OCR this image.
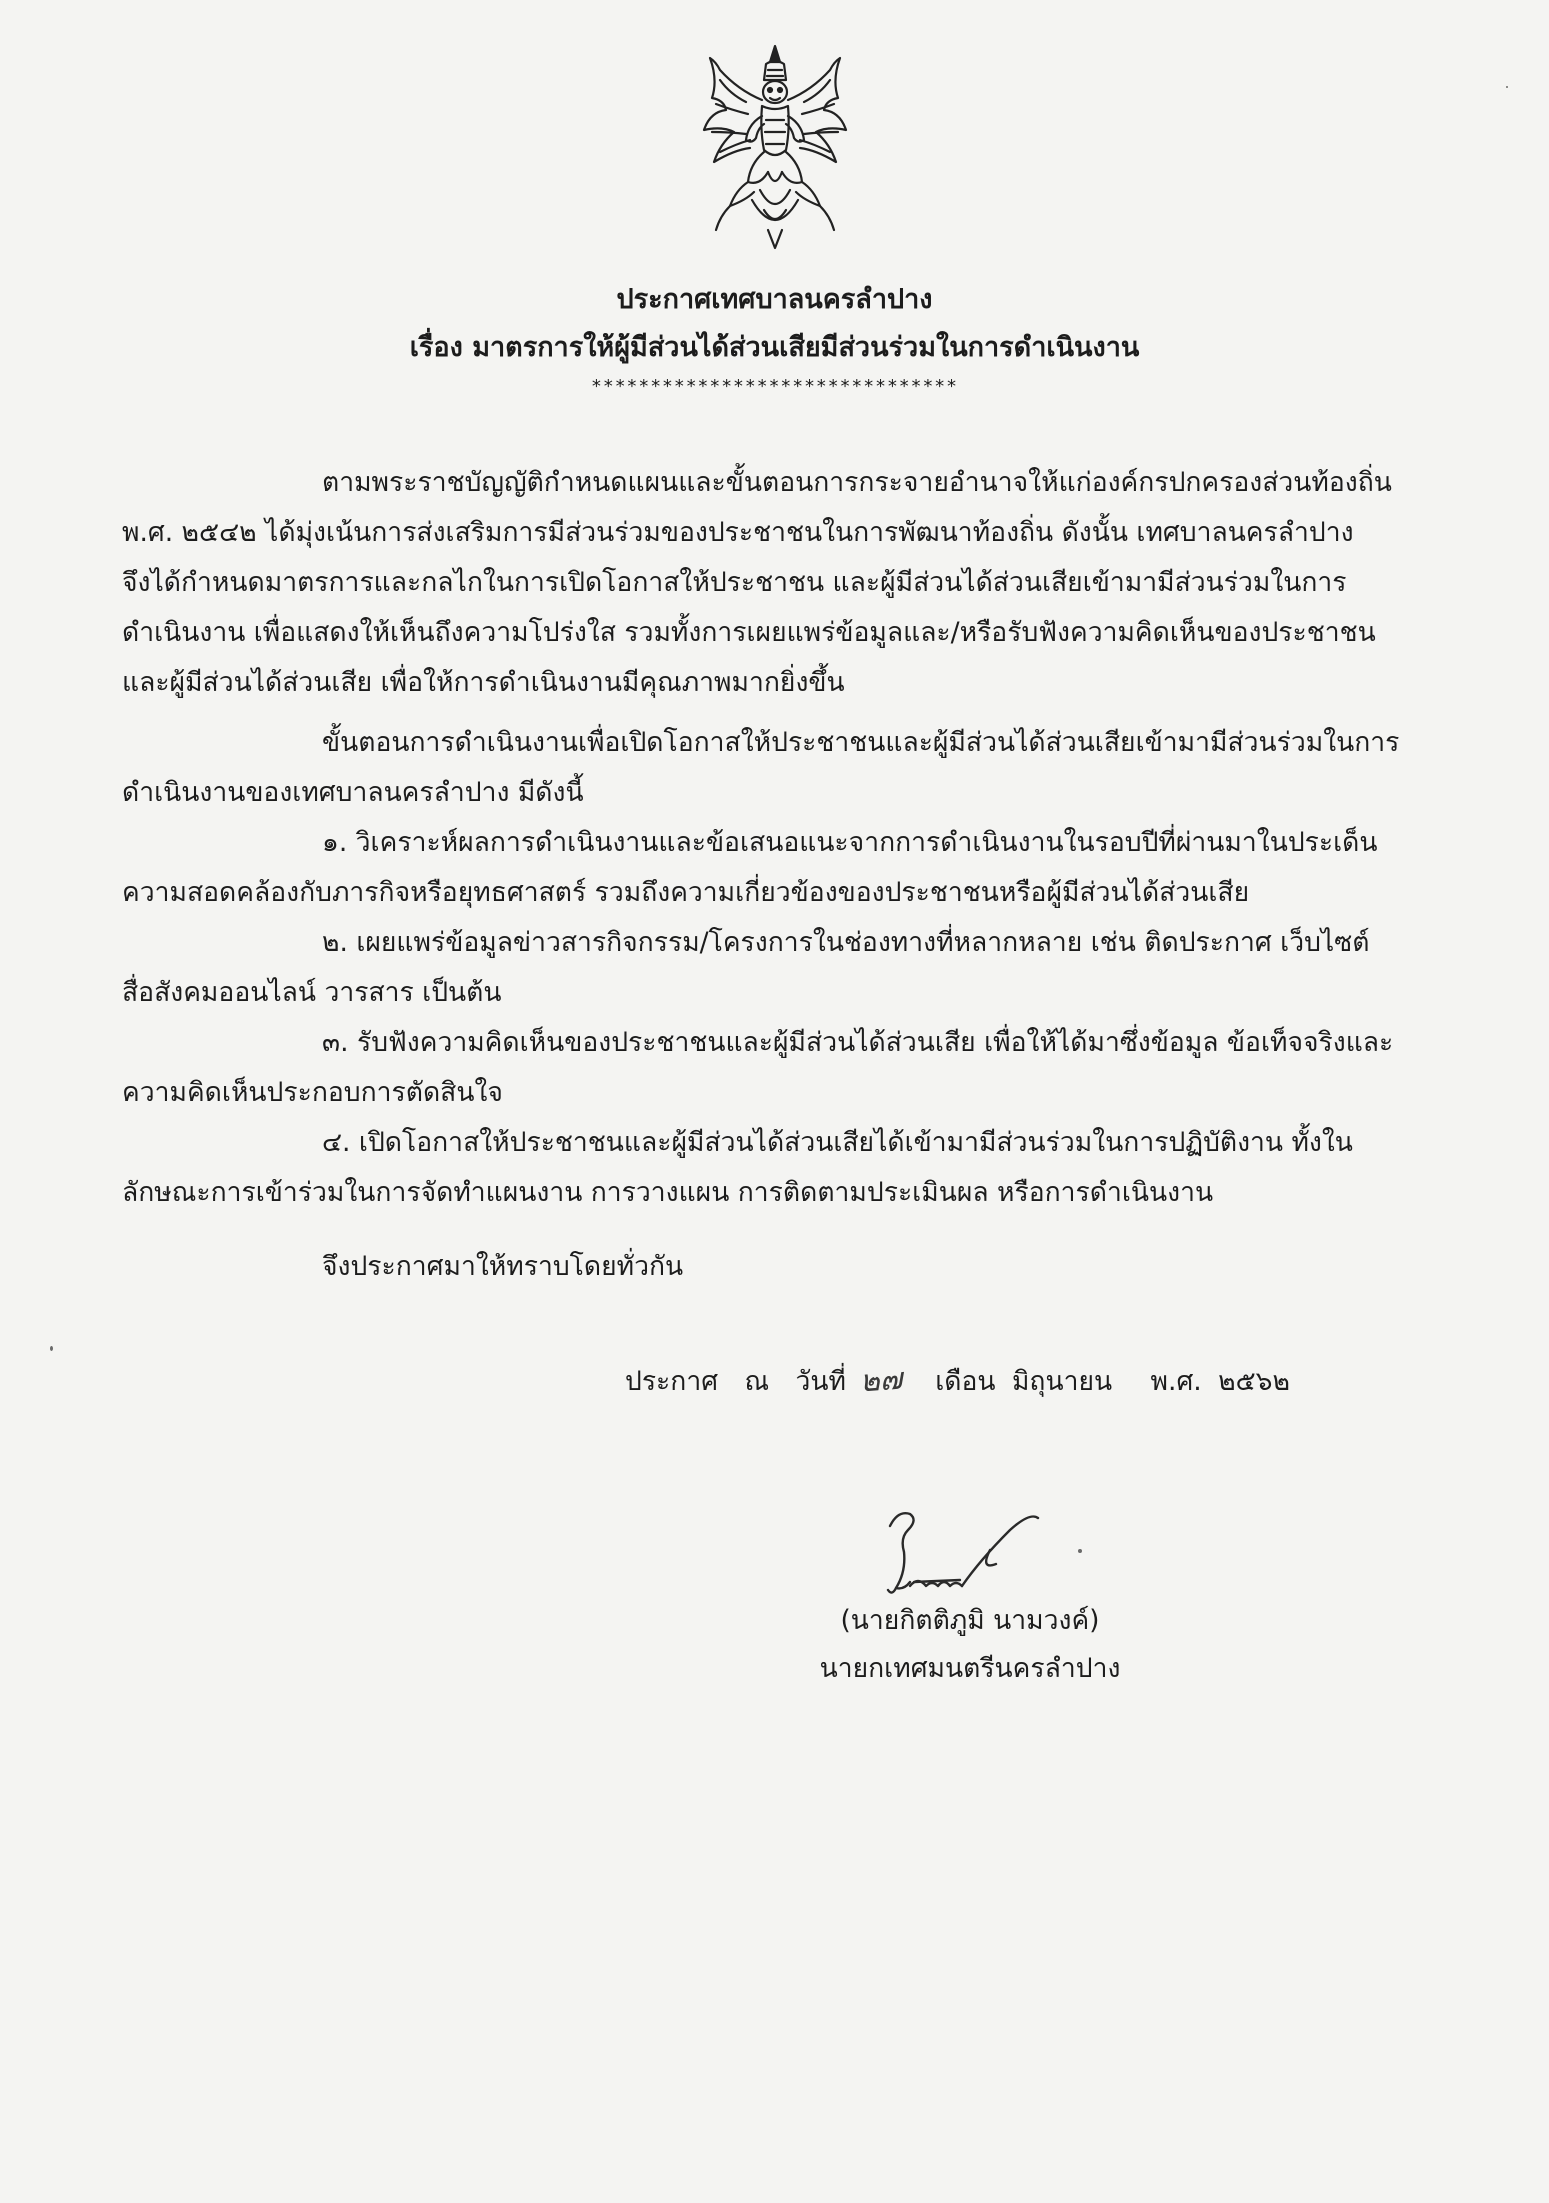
ประกาศเทศบาลนครลำปาง
เรื่อง มาตรการให้ผู้มีส่วนได้ส่วนเสียมีส่วนร่วมในการดำเนินงาน
*******************************
ตามพระราชบัญญัติกำหนดแผนและขั้นตอนการกระจายอำนาจให้แก่องค์กรปกครองส่วนท้องถิ่น
พ.ศ. ๒๕๔๒ ได้มุ่งเน้นการส่งเสริมการมีส่วนร่วมของประชาชนในการพัฒนาท้องถิ่น ดังนั้น เทศบาลนครลำปาง
จึงได้กำหนดมาตรการและกลไกในการเปิดโอกาสให้ประชาชน และผู้มีส่วนได้ส่วนเสียเข้ามามีส่วนร่วมในการ
ดำเนินงาน เพื่อแสดงให้เห็นถึงความโปร่งใส รวมทั้งการเผยแพร่ข้อมูลและ/หรือรับฟังความคิดเห็นของประชาชน
และผู้มีส่วนได้ส่วนเสีย เพื่อให้การดำเนินงานมีคุณภาพมากยิ่งขึ้น
ขั้นตอนการดำเนินงานเพื่อเปิดโอกาสให้ประชาชนและผู้มีส่วนได้ส่วนเสียเข้ามามีส่วนร่วมในการ
ดำเนินงานของเทศบาลนครลำปาง มีดังนี้
๑. วิเคราะห์ผลการดำเนินงานและข้อเสนอแนะจากการดำเนินงานในรอบปีที่ผ่านมาในประเด็น
ความสอดคล้องกับภารกิจหรือยุทธศาสตร์ รวมถึงความเกี่ยวข้องของประชาชนหรือผู้มีส่วนได้ส่วนเสีย
๒. เผยแพร่ข้อมูลข่าวสารกิจกรรม/โครงการในช่องทางที่หลากหลาย เช่น ติดประกาศ เว็บไซต์
สื่อสังคมออนไลน์ วารสาร เป็นต้น
๓. รับฟังความคิดเห็นของประชาชนและผู้มีส่วนได้ส่วนเสีย เพื่อให้ได้มาซึ่งข้อมูล ข้อเท็จจริงและ
ความคิดเห็นประกอบการตัดสินใจ
๔. เปิดโอกาสให้ประชาชนและผู้มีส่วนได้ส่วนเสียได้เข้ามามีส่วนร่วมในการปฏิบัติงาน ทั้งใน
ลักษณะการเข้าร่วมในการจัดทำแผนงาน การวางแผน การติดตามประเมินผล หรือการดำเนินงาน
จึงประกาศมาให้ทราบโดยทั่วกัน
ประกาศ ณ วันที่ ๒๗ เดือน มิถุนายน พ.ศ. ๒๕๖๒
(นายกิตติภูมิ นามวงค์)
นายกเทศมนตรีนครลำปาง
